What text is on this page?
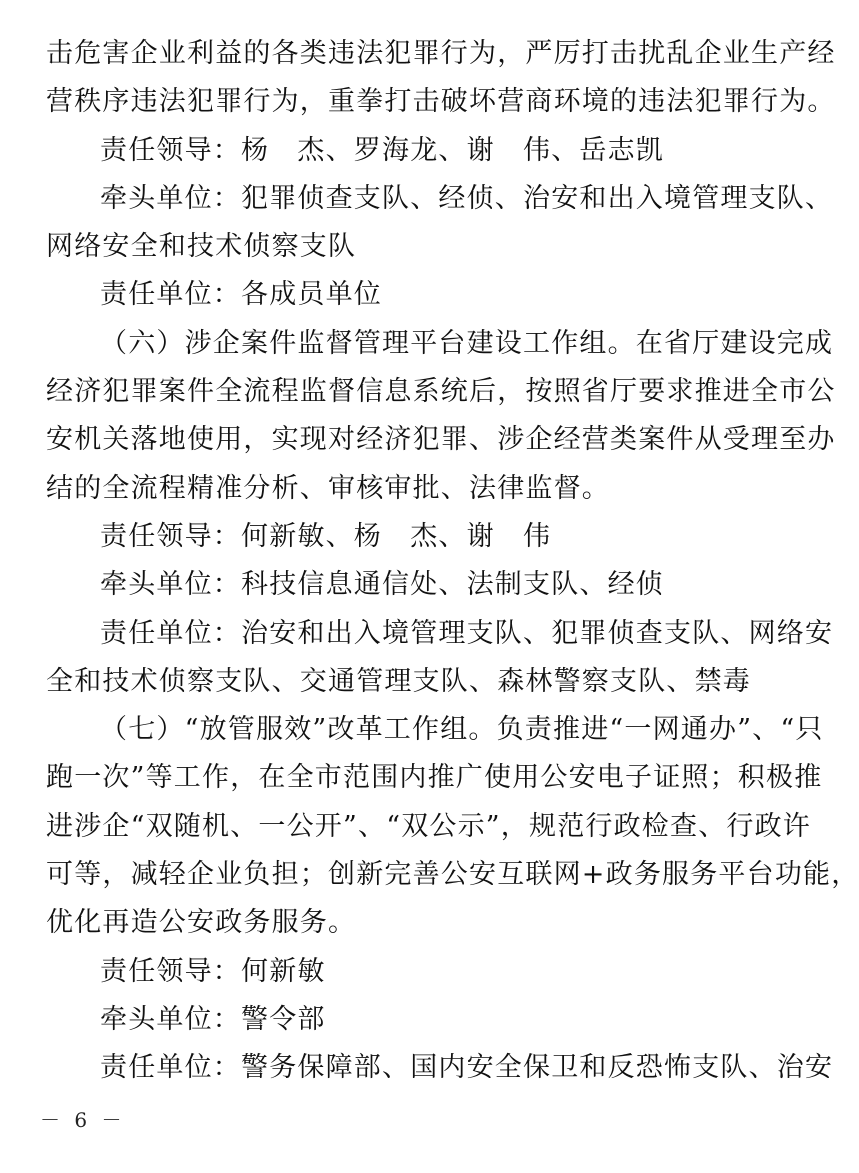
击危害企业利益的各类违法犯罪行为，严厉打击扰乱企业生产经
营秩序违法犯罪行为，重拳打击破坏营商环境的违法犯罪行为。
责任领导：杨　杰、罗海龙、谢　伟、岳志凯
牵头单位：犯罪侦查支队、经侦、治安和出入境管理支队、
网络安全和技术侦察支队
责任单位：各成员单位
（六）涉企案件监督管理平台建设工作组。在省厅建设完成
经济犯罪案件全流程监督信息系统后，按照省厅要求推进全市公
安机关落地使用，实现对经济犯罪、涉企经营类案件从受理至办
结的全流程精准分析、审核审批、法律监督。
责任领导：何新敏、杨　杰、谢　伟
牵头单位：科技信息通信处、法制支队、经侦
责任单位：治安和出入境管理支队、犯罪侦查支队、网络安
全和技术侦察支队、交通管理支队、森林警察支队、禁毒
（七）“放管服效”改革工作组。负责推进“一网通办”、“只
跑一次”等工作，在全市范围内推广使用公安电子证照；积极推
进涉企“双随机、一公开”、“双公示”，规范行政检查、行政许
可等，减轻企业负担；创新完善公安互联网+政务服务平台功能，
优化再造公安政务服务。
责任领导：何新敏
牵头单位：警令部
责任单位：警务保障部、国内安全保卫和反恐怖支队、治安
－ 6 －
